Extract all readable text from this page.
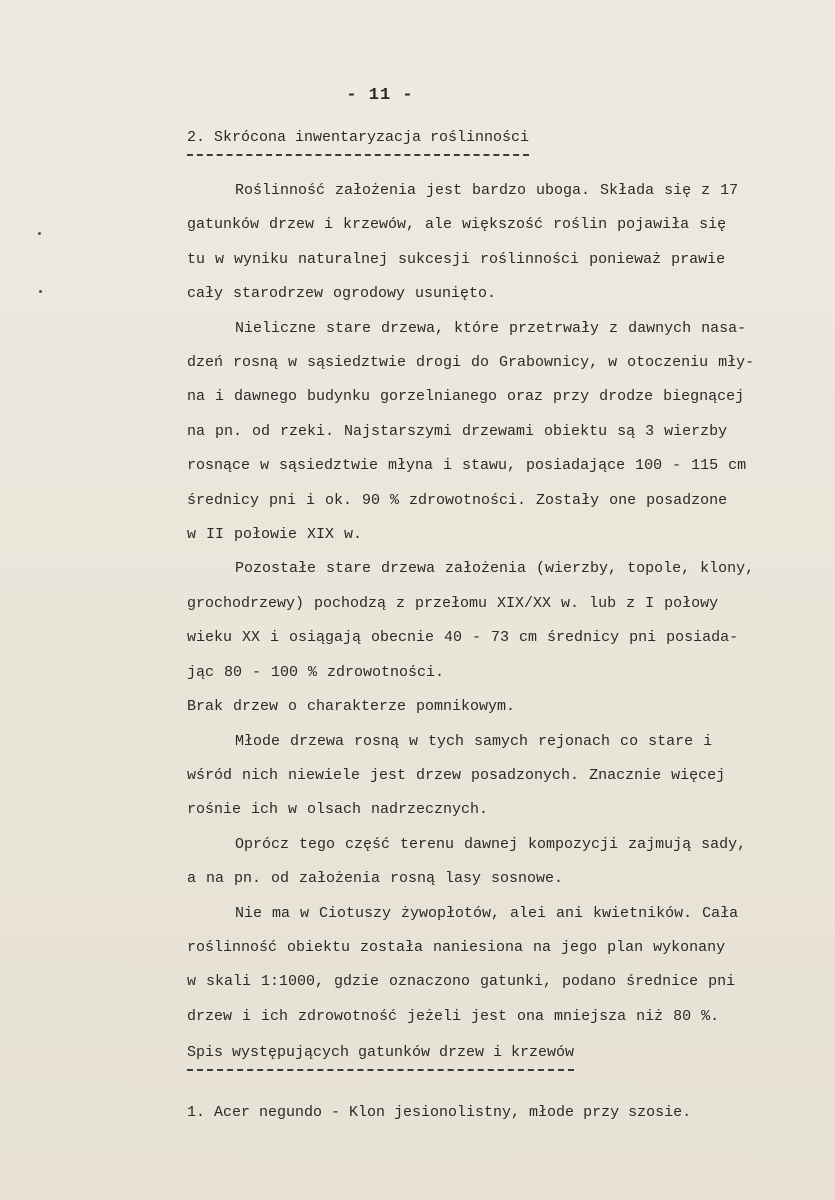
- 11 -
2. Skrócona inwentaryzacja roślinności

Roślinność założenia jest bardzo uboga. Składa się z 17
gatunków drzew i krzewów, ale większość roślin pojawiła się
tu w wyniku naturalnej sukcesji roślinności ponieważ prawie
cały starodrzew ogrodowy usunięto.

Nieliczne stare drzewa, które przetrwały z dawnych nasa-
dzeń rosną w sąsiedztwie drogi do Grabownicy, w otoczeniu mły-
na i dawnego budynku gorzelnianego oraz przy drodze biegnącej
na pn. od rzeki. Najstarszymi drzewami obiektu są 3 wierzby
rosnące w sąsiedztwie młyna i stawu, posiadające 100 - 115 cm
średnicy pni i ok. 90 % zdrowotności. Zostały one posadzone
w II połowie XIX w.

Pozostałe stare drzewa założenia (wierzby, topole, klony,
grochodrzewy) pochodzą z przełomu XIX/XX w. lub z I połowy
wieku XX i osiągają obecnie 40 - 73 cm średnicy pni posiada-
jąc 80 - 100 % zdrowotności.

Brak drzew o charakterze pomnikowym.

Młode drzewa rosną w tych samych rejonach co stare i
wśród nich niewiele jest drzew posadzonych. Znacznie więcej
rośnie ich w olsach nadrzecznych.

Oprócz tego część terenu dawnej kompozycji zajmują sady,
a na pn. od założenia rosną lasy sosnowe.

Nie ma w Ciotuszy żywopłotów, alei ani kwietników. Cała
roślinność obiektu została naniesiona na jego plan wykonany
w skali 1:1000, gdzie oznaczono gatunki, podano średnice pni
drzew i ich zdrowotność jeżeli jest ona mniejsza niż 80 %.

Spis występujących gatunków drzew i krzewów

1. Acer negundo - Klon jesionolistny, młode przy szosie.
